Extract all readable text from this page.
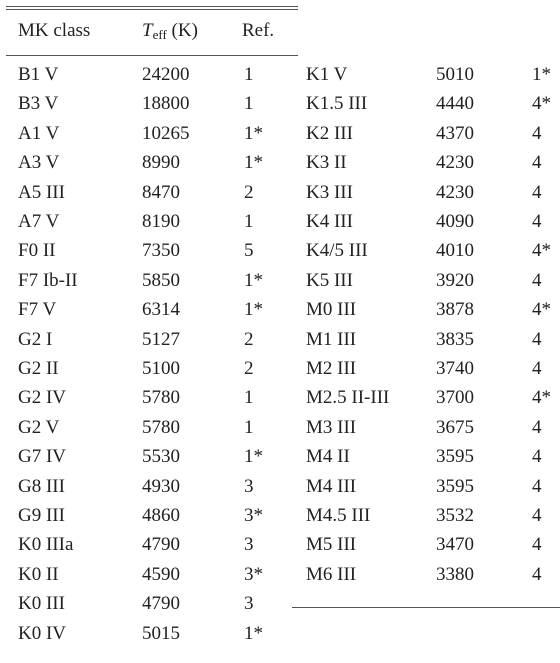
MK class	Teff (K) Ref.
B1 V	24200	1
B3 V	18800	1
A1 V	10265	1*
A3 V	8990	1*
A5 III	8470	2
A7 V	8190	1
F0 II	7350	5
F7 Ib-II	5850	1*
F7 V	6314	1*
G2 I	5127	2
G2 II	5100	2
G2 IV	5780	1
G2 V	5780	1
G7 IV	5530	1*
G8 III	4930	3
G9 III	4860	3*
K0 IIIa	4790	3
K0 II	4590	3*
K0 III	4790	3
K0 IV	5015	1*
K1 V	5010	1*
K1.5 III	4440	4*
K2 III	4370	4
K3 II	4230	4
K3 III	4230	4
K4 III	4090	4
K4/5 III	4010	4*
K5 III	3920	4
M0 III	3878	4*
M1 III	3835	4
M2 III	3740	4
M2.5 II-III 3700	4*
M3 III	3675	4
M4 II	3595	4
M4 III	3595	4
M4.5 III	3532	4
M5 III	3470	4
M6 III	3380	4
